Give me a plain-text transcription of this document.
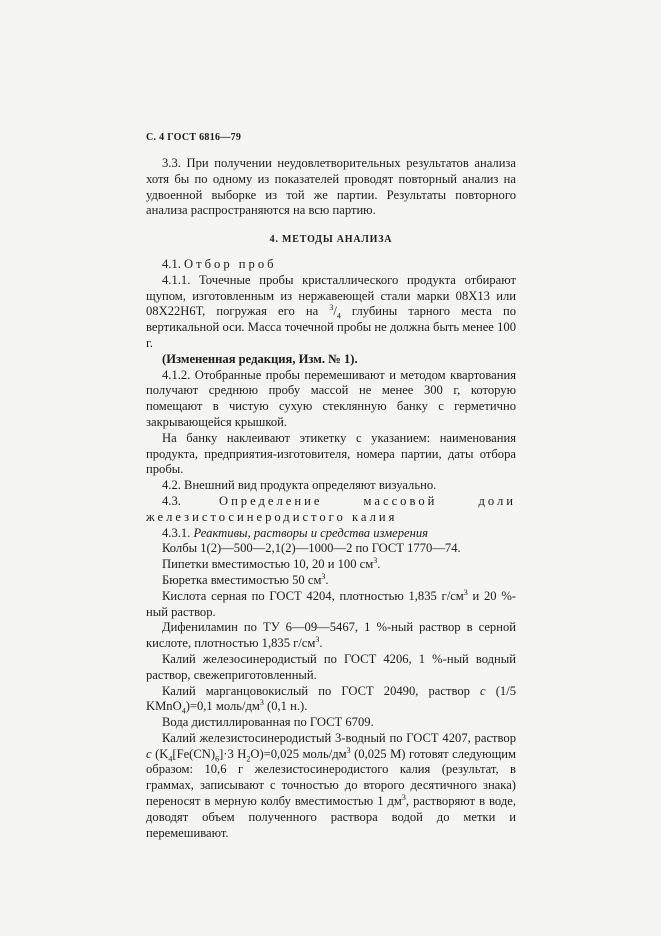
С. 4 ГОСТ 6816—79

3.3. При получении неудовлетворительных результатов анализа хотя бы по одному из показателей проводят повторный анализ на удвоенной выборке из той же партии. Результаты повторного анализа распространяются на всю партию.

4. МЕТОДЫ АНАЛИЗА

4.1. Отбор проб

4.1.1. Точечные пробы кристаллического продукта отбирают щупом, изготовленным из нержавеющей стали марки 08Х13 или 08Х22Н6Т, погружая его на $^3/_4$ глубины тарного места по вертикальной оси. Масса точечной пробы не должна быть менее 100 г.

(Измененная редакция, Изм. № 1).

4.1.2. Отобранные пробы перемешивают и методом квартования получают среднюю пробу массой не менее 300 г, которую помещают в чистую сухую стеклянную банку с герметично закрывающейся крышкой.

На банку наклеивают этикетку с указанием: наименования продукта, предприятия-изготовителя, номера партии, даты отбора пробы.

4.2. Внешний вид продукта определяют визуально.

4.3.	Определение массовой доли железистосинеродистого калия

4.3.1. Реактивы, растворы и средства измерения

Колбы 1(2)—500—2,1(2)—1000—2 по ГОСТ 1770—74.

Пипетки вместимостью 10, 20 и 100 $см^3$.

Бюретка вместимостью 50 $см^3$.

Кислота серная по ГОСТ 4204, плотностью 1,835 $г/см^3$ и 20 %-ный раствор.

Дифениламин по ТУ 6—09—5467, 1 %-ный раствор в серной кислоте, плотностью 1,835 $г/см^3$.

Калий железосинеродистый по ГОСТ 4206, 1 %-ный водный раствор, свежеприготовленный.

Калий марганцовокислый по ГОСТ 20490, раствор c (1/5 KMnO$_4$)=0,1 моль/$дм^3$ (0,1 н.).

Вода дистиллированная по ГОСТ 6709.

Калий железистосинеродистый 3-водный по ГОСТ 4207, раствор c ($K_4[Fe(CN)_6]\cdot 3$ $H_2O)=0,025$ моль/$дм^3$ (0,025 М) готовят следующим образом: 10,6 г железистосинеродистого калия (результат, в граммах, записывают с точностью до второго десятичного знака) переносят в мерную колбу вместимостью 1 $дм^3$, растворяют в воде, доводят объем полученного раствора водой до метки и перемешивают.
